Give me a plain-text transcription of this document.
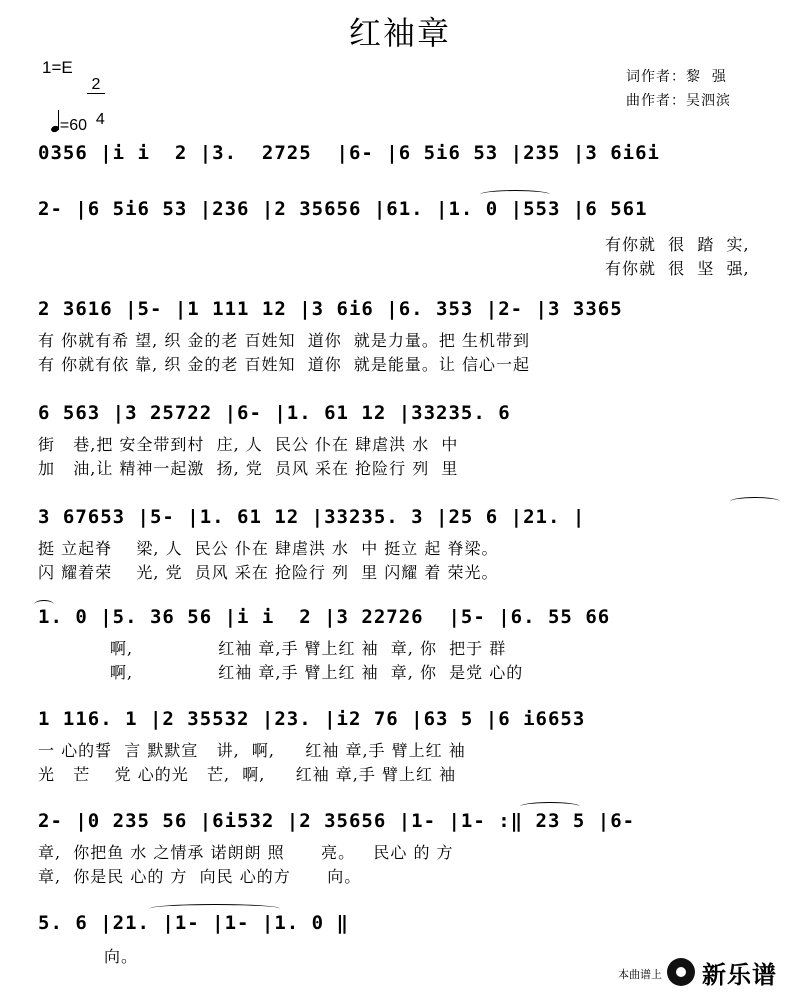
红袖章
1=E

2

4

=60

词作者：黎  强
曲作者：吴泗滨
0356 |i i  2 |3.  2725  |6- |6 5i6 53 |235 |3 6i6i
2- |6 5i6 53 |236 |2 35656 |61. |1. 0 |553 |6 561
有你就  很  踏  实,
有你就  很  坚  强,
2 3616 |5- |1 111 12 |3 6i6 |6. 353 |2- |3 3365
有 你就有希 望, 织 金的老 百姓知  道你  就是力量。把 生机带到
有 你就有依 靠, 织 金的老 百姓知  道你  就是能量。让 信心一起
6 563 |3 25722 |6- |1. 61 12 |33235. 6
街   巷,把 安全带到村  庄, 人  民公 仆在 肆虐洪 水  中
加   油,让 精神一起激  扬, 党  员风 采在 抢险行 列  里
3 67653 |5- |1. 61 12 |33235. 3 |25 6 |21. |
挺 立起脊    梁, 人  民公 仆在 肆虐洪 水  中 挺立 起 脊梁。
闪 耀着荣    光, 党  员风 采在 抢险行 列  里 闪耀 着 荣光。
1. 0 |5. 36 56 |i i  2 |3 22726  |5- |6. 55 66
啊,              红袖 章,手 臂上红 袖  章, 你  把于 群
啊,              红袖 章,手 臂上红 袖  章, 你  是党 心的
1 116. 1 |2 35532 |23. |i2 76 |63 5 |6 i6653
一 心的誓  言 默默宣   讲,  啊,     红袖 章,手 臂上红 袖
光   芒    党 心的光   芒,  啊,     红袖 章,手 臂上红 袖
2- |0 235 56 |6i532 |2 35656 |1- |1- :‖ 23 5 |6-
章,  你把鱼 水 之情承 诺朗朗 照      亮。   民心 的 方
章,  你是民 心的 方  向民 心的方      向。
5. 6 |21. |1- |1- |1. 0 ‖
向。
本曲谱上 新乐谱
